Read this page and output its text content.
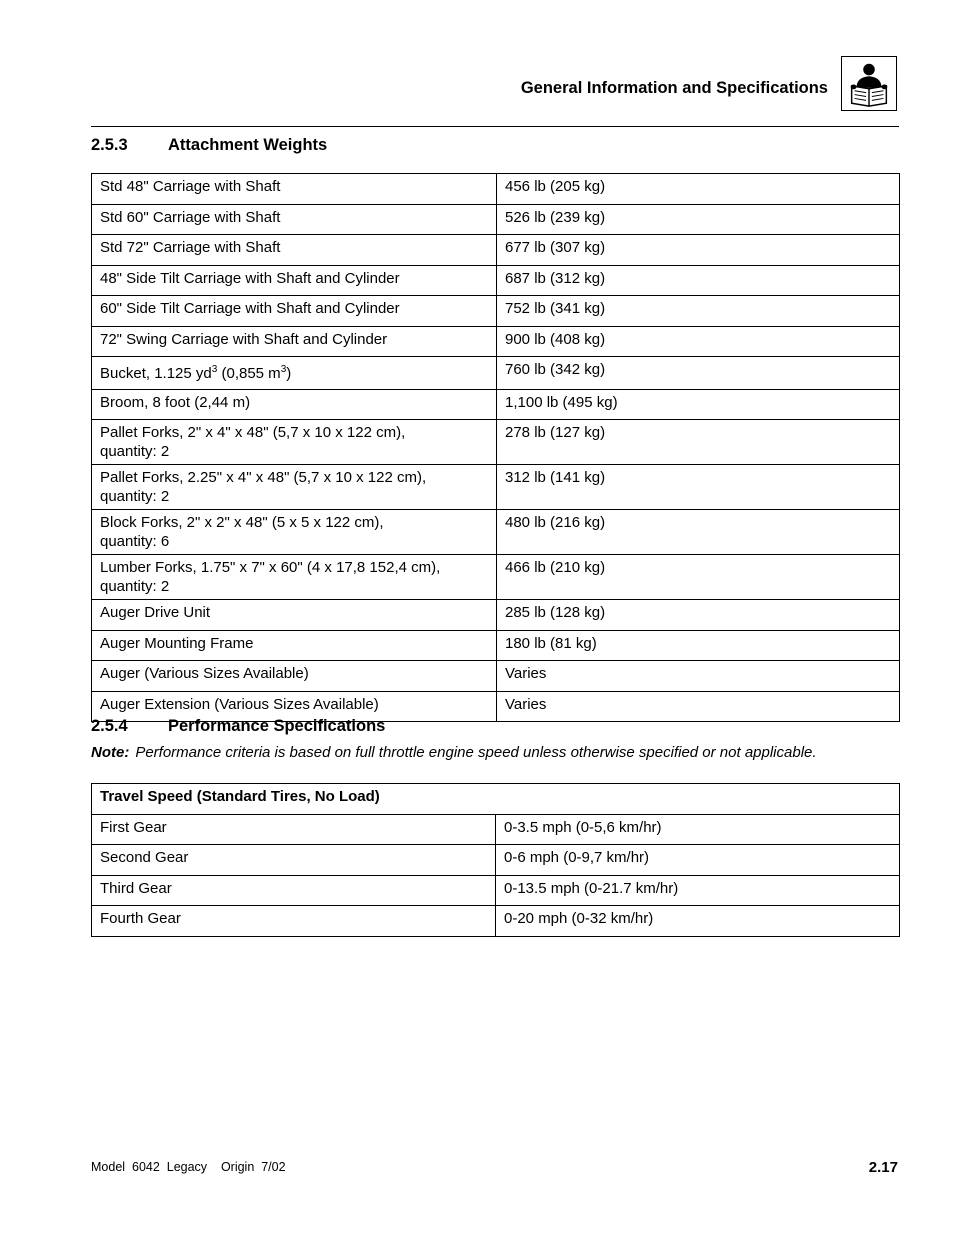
General Information and Specifications
2.5.3 Attachment Weights
Std 48" Carriage with Shaft	456 lb (205 kg)
Std 60" Carriage with Shaft	526 lb (239 kg)
Std 72" Carriage with Shaft	677 lb (307 kg)
48" Side Tilt Carriage with Shaft and Cylinder	687 lb (312 kg)
60" Side Tilt Carriage with Shaft and Cylinder	752 lb (341 kg)
72" Swing Carriage with Shaft and Cylinder	900 lb (408 kg)
Bucket, 1.125 $yd^3$ (0,855 $m^3$)	760 lb (342 kg)
Broom, 8 foot (2,44 m)	1,100 lb (495 kg)
Pallet Forks, 2" x 4" x 48" (5,7 x 10 x 122 cm),
quantity: 2	278 lb (127 kg)
Pallet Forks, 2.25" x 4" x 48" (5,7 x 10 x 122 cm),
quantity: 2	312 lb (141 kg)
Block Forks, 2" x 2" x 48" (5 x 5 x 122 cm),
quantity: 6	480 lb (216 kg)
Lumber Forks, 1.75" x 7" x 60" (4 x 17,8 152,4 cm),
quantity: 2	466 lb (210 kg)
Auger Drive Unit	285 lb (128 kg)
Auger Mounting Frame	180 lb (81 kg)
Auger (Various Sizes Available)	Varies
Auger Extension (Various Sizes Available)	Varies
2.5.4 Performance Specifications
Note: Performance criteria is based on full throttle engine speed unless otherwise specified or not applicable.
Travel Speed (Standard Tires, No Load)	
First Gear	0-3.5 mph (0-5,6 km/hr)
Second Gear	0-6 mph (0-9,7 km/hr)
Third Gear	0-13.5 mph (0-21.7 km/hr)
Fourth Gear	0-20 mph (0-32 km/hr)
Model  6042  Legacy    Origin  7/02	2.17
